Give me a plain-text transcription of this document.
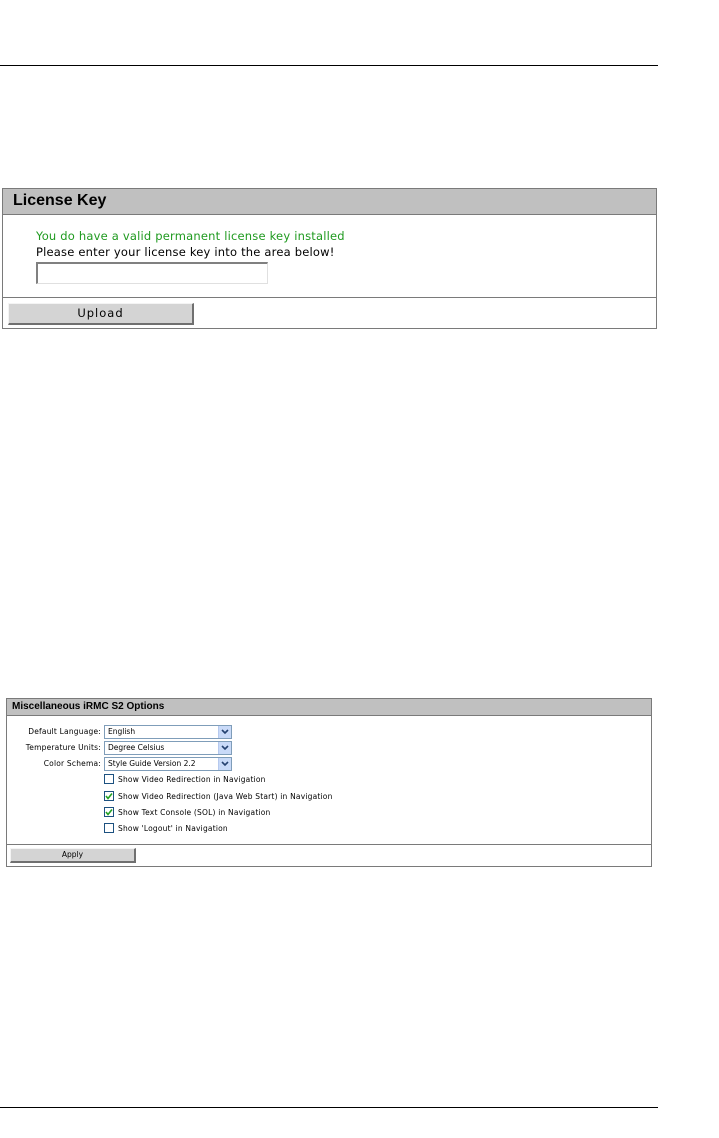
License Key
You do have a valid permanent license key installed
Please enter your license key into the area below!
Upload
Miscellaneous iRMC S2 Options
Default Language: English
Temperature Units: Degree Celsius
Color Schema: Style Guide Version 2.2
Show Video Redirection in Navigation
Show Video Redirection (Java Web Start) in Navigation
Show Text Console (SOL) in Navigation
Show 'Logout' in Navigation
Apply
